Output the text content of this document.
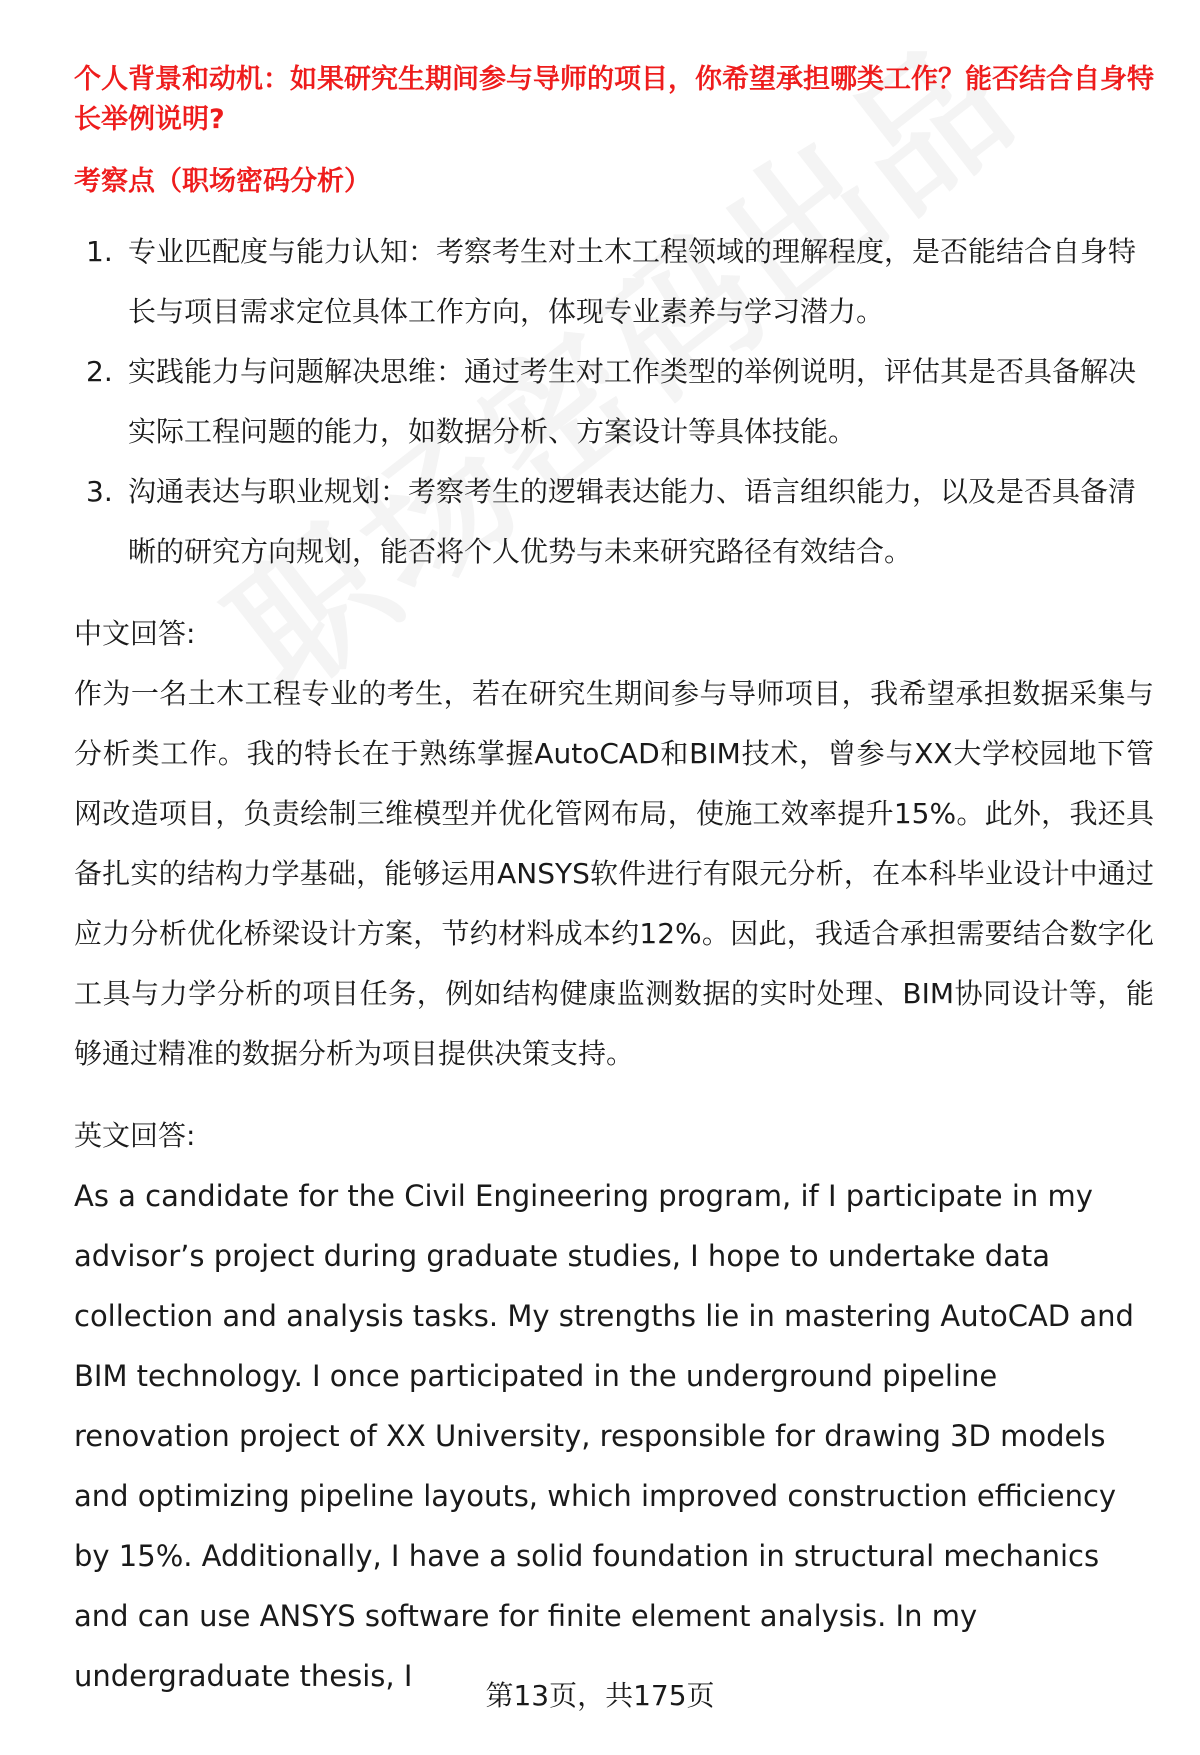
个人背景和动机：如果研究生期间参与导师的项目，你希望承担哪类工作？能否结合自身特长举例说明?

考察点（职场密码分析）

1. 专业匹配度与能力认知：考察考生对土木工程领域的理解程度，是否能结合自身特长与项目需求定位具体工作方向，体现专业素养与学习潜力。
2. 实践能力与问题解决思维：通过考生对工作类型的举例说明，评估其是否具备解决实际工程问题的能力，如数据分析、方案设计等具体技能。
3. 沟通表达与职业规划：考察考生的逻辑表达能力、语言组织能力，以及是否具备清晰的研究方向规划，能否将个人优势与未来研究路径有效结合。
中文回答:

作为一名土木工程专业的考生，若在研究生期间参与导师项目，我希望承担数据采集与分析类工作。我的特长在于熟练掌握AutoCAD和BIM技术，曾参与XX大学校园地下管网改造项目，负责绘制三维模型并优化管网布局，使施工效率提升15%。此外，我还具备扎实的结构力学基础，能够运用ANSYS软件进行有限元分析，在本科毕业设计中通过应力分析优化桥梁设计方案，节约材料成本约12%。因此，我适合承担需要结合数字化工具与力学分析的项目任务，例如结构健康监测数据的实时处理、BIM协同设计等，能够通过精准的数据分析为项目提供决策支持。

英文回答:

As a candidate for the Civil Engineering program, if I participate in my advisor’s project during graduate studies, I hope to undertake data collection and analysis tasks. My strengths lie in mastering AutoCAD and BIM technology. I once participated in the underground pipeline renovation project of XX University, responsible for drawing 3D models and optimizing pipeline layouts, which improved construction efficiency by 15%. Additionally, I have a solid foundation in structural mechanics and can use ANSYS software for finite element analysis. In my undergraduate thesis, I

第13页，共175页
